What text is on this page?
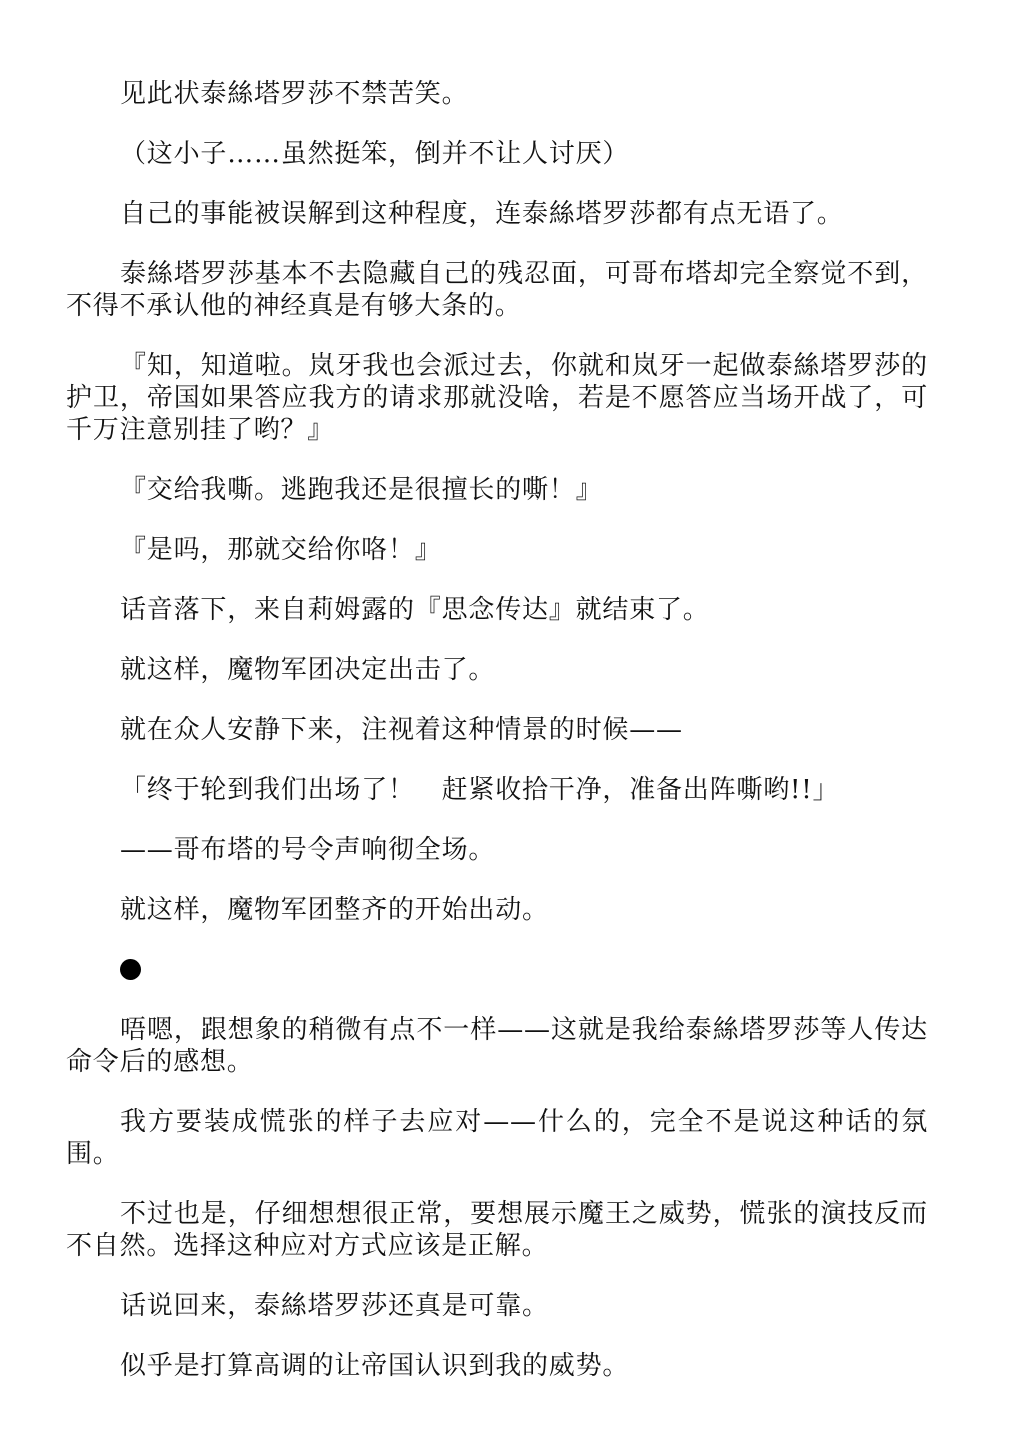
见此状泰絲塔罗莎不禁苦笑。

（这小子……虽然挺笨，倒并不让人讨厌）

自己的事能被误解到这种程度，连泰絲塔罗莎都有点无语了。

泰絲塔罗莎基本不去隐藏自己的残忍面，可哥布塔却完全察觉不到，不得不承认他的神经真是有够大条的。

『知，知道啦。岚牙我也会派过去，你就和岚牙一起做泰絲塔罗莎的护卫，帝国如果答应我方的请求那就没啥，若是不愿答应当场开战了，可千万注意别挂了哟？』

『交给我嘶。逃跑我还是很擅长的嘶！』

『是吗，那就交给你咯！』

话音落下，来自莉姆露的『思念传达』就结束了。

就这样，魔物军团决定出击了。

就在众人安静下来，注视着这种情景的时候——

「终于轮到我们出场了！　赶紧收拾干净，准备出阵嘶哟!!」

——哥布塔的号令声响彻全场。

就这样，魔物军团整齐的开始出动。

唔嗯，跟想象的稍微有点不一样——这就是我给泰絲塔罗莎等人传达命令后的感想。

我方要装成慌张的样子去应对——什么的，完全不是说这种话的氛围。

不过也是，仔细想想很正常，要想展示魔王之威势，慌张的演技反而不自然。选择这种应对方式应该是正解。

话说回来，泰絲塔罗莎还真是可靠。

似乎是打算高调的让帝国认识到我的威势。
